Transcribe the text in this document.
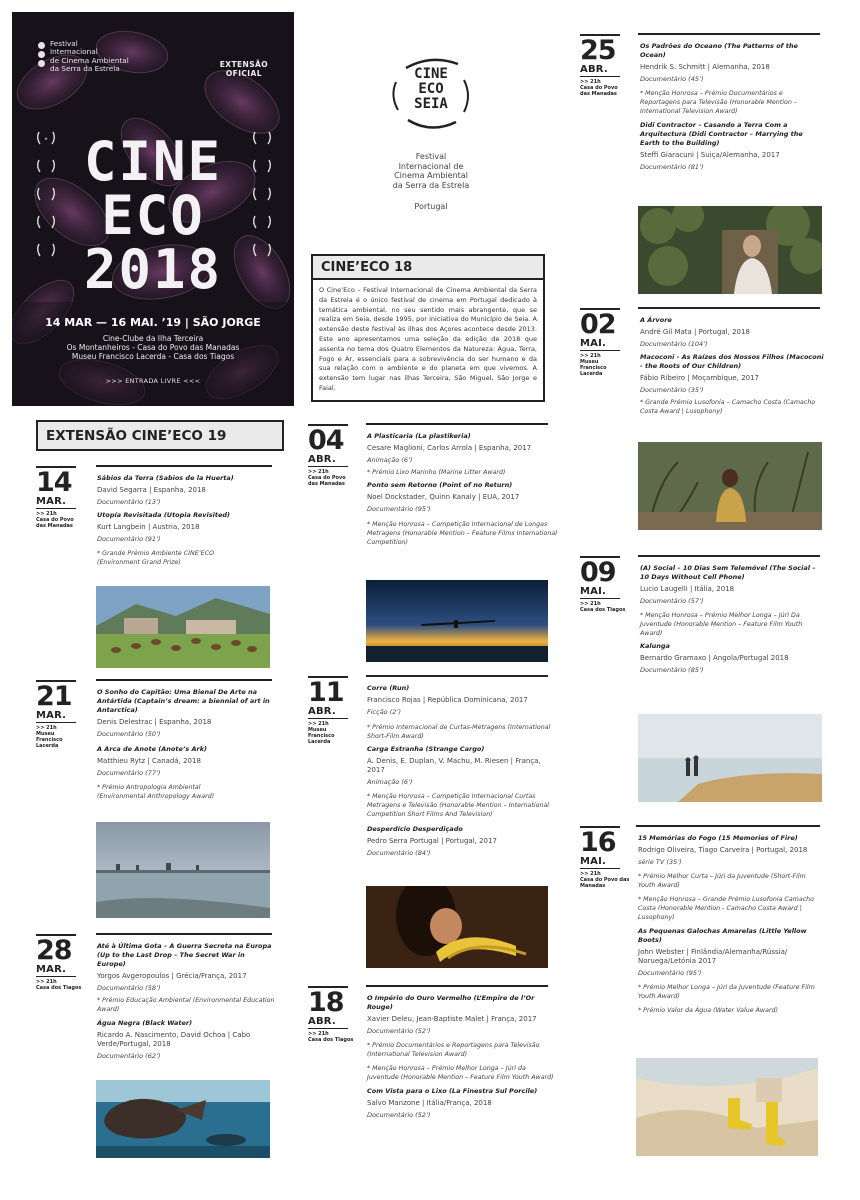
Festival
Internacional
de Cinema Ambiental
da Serra da Estrela	EXTENSÃO
OFICIAL
★ CINE
ECO
2018
14 MAR — 16 MAI. ’19 | SÃO JORGE
Cine-Clube da Ilha Terceira
Os Montanheiros - Casa do Povo das Manadas
Museu Francisco Lacerda - Casa dos Tiagos
>>> ENTRADA LIVRE <<<
CINE
ECO
SEIA
Festival
Internacional de
Cinema Ambiental
da Serra da Estrela
Portugal
CINE’ECO 18
O Cine’Eco – Festival Internacional de Cinema Ambiental da Serra da Estrela é o único festival de cinema em Portugal dedicado à temática ambiental, no seu sentido mais abrangente, que se realiza em Seia, desde 1995, por iniciativa do Município de Seia. A extensão deste festival às ilhas dos Açores acontece desde 2013. Este ano apresentamos uma seleção da edição de 2018 que assenta no tema dos Quatro Elementos da Natureza: Água, Terra, Fogo e Ar, essenciais para a sobrevivência do ser humano e da sua relação com o ambiente e do planeta em que vivemos. A extensão tem lugar nas ilhas Terceira, São Miguel, São Jorge e Faial.
EXTENSÃO CINE’ECO 19
14
MAR.
>> 21h
Casa do Povo
das Manadas
21
MAR.
>> 21h
Museu
Francisco
Lacerda
28
MAR.
>> 21h
Casa dos Tiagos
04
ABR.
>> 21h
Casa do Povo
das Manadas
11
ABR.
>> 21h
Museu
Francisco
Lacerda
18
ABR.
>> 21h
Casa dos Tiagos
25
ABR.
>> 21h
Casa do Povo
das Manadas
02
MAI.
>> 21h
Museu
Francisco
Lacerda
09
MAI.
>> 21h
Casa dos Tiagos
16
MAI.
>> 21h
Casa do Povo das
Manadas
Sábios da Terra (Sabios de la Huerta)
David Segarra | Espanha, 2018
Documentário (13’)
Utopía Revisitada (Utopia Revisited)
Kurt Langbein | Austria, 2018
Documentário (91’)
* Grande Prémio Ambiente CINE’ECO
(Environment Grand Prize)
O Sonho do Capitão: Uma Bienal De Arte na Antártida (Captain’s dream: a biennial of art in Antarctica)
Denis Delestrac | Espanha, 2018
Documentário (50’)
A Arca de Anote (Anote’s Ark)
Matthieu Rytz | Canadá, 2018
Documentário (77’)
* Prémio Antropologia Ambiental
(Environmental Anthropology Award)
Até à Última Gota – A Guerra Secreta na Europa (Up to the Last Drop – The Secret War in Europe)
Yorgos Avgeropoulos | Grécia/França, 2017
Documentário (58’)
* Prémio Educação Ambiental (Environmental Education Award)
Água Negra (Black Water)
Ricardo A. Nascimento, David Ochoa | Cabo Verde/Portugal, 2018
Documentário (62’)
A Plasticaria (La plastikeria)
Cesare Maglioni, Carlos Arrola | Espanha, 2017
Animação (6’)
* Prémio Lixo Marinho (Marine Litter Award)
Ponto sem Retorno (Point of no Return)
Noel Dockstader, Quinn Kanaly | EUA, 2017
Documentário (95’)
* Menção Honrosa – Competição Internacional de Longas Metragens (Honorable Mention – Feature Films International Competition)
Corre (Run)
Francisco Rojas | República Dominicana, 2017
Ficção (2’)
* Prémio Internacional de Curtas-Metragens (International Short-Film Award)
Carga Estranha (Strange Cargo)
A. Denis, E. Duplan, V. Machu, M. Riesen | França, 2017
Animação (6’)
* Menção Honrosa – Competição Internacional Curtas Metragens e Televisão (Honorable Mention – International Competition Short Films And Television)
Desperdício Desperdiçado
Pedro Serra Portugal | Portugal, 2017
Documentário (84’)
O Império do Ouro Vermelho (L’Empire de l’Or Rouge)
Xavier Deleu, Jean-Baptiste Malet | França, 2017
Documentário (52’)
* Prémio Documentários e Reportagens para Televisão (International Television Award)
* Menção Honrosa – Prémio Melhor Longa – Júri da Juventude (Honorable Mention – Feature Film Youth Award)
Com Vista para o Lixo (La Finestra Sul Porcile)
Salvo Manzone | Itália/França, 2018
Documentário (52’)
Os Padrões do Oceano (The Patterns of the Ocean)
Hendrik S. Schmitt | Alemanha, 2018
Documentário (45’)
* Menção Honrosa – Prémio Documentários e Reportagens para Televisão (Honorable Mention – International Television Award)
Didi Contractor – Casando a Terra Com a Arquitectura (Didi Contractor – Marrying the Earth to the Building)
Steffi Giaracuni | Suiça/Alemanha, 2017
Documentário (81’)
A Árvore
André Gil Mata | Portugal, 2018
Documentário (104’)
Macoconi - As Raízes dos Nossos Filhos (Macoconi - the Roots of Our Children)
Fábio Ribeiro | Moçambique, 2017
Documentário (35’)
* Grande Prémio Lusofonia – Camacho Costa (Camacho Costa Award | Lusophony)
(A) Social – 10 Dias Sem Telemóvel (The Social – 10 Days Without Cell Phone)
Lucio Laugelli | Itália, 2018
Documentário (57’)
* Menção Honrosa – Prémio Melhor Longa – Júri Da Juventude (Honorable Mention – Feature Film Youth Award)
Kalunga
Bernardo Gramaxo | Angola/Portugal 2018
Documentário (85’)
15 Memórias do Fogo (15 Memories of Fire)
Rodrigo Oliveira, Tiago Carveira | Portugal, 2018
série TV (35’)
* Prémio Melhor Curta – Júri da Juventude (Short-Film Youth Award)
* Menção Honrosa – Grande Prémio Lusofonia Camacho Costa (Honorable Mention - Camacho Costa Award | Lusophony)
As Pequenas Galochas Amarelas (Little Yellow Boots)
John Webster | Finlândia/Alemanha/Rússia/ Noruega/Letónia 2017
Documentário (95’)
* Prémio Melhor Longa – Júri da Juventude (Feature Film Youth Award)
* Prémio Valor da Água (Water Value Award)
